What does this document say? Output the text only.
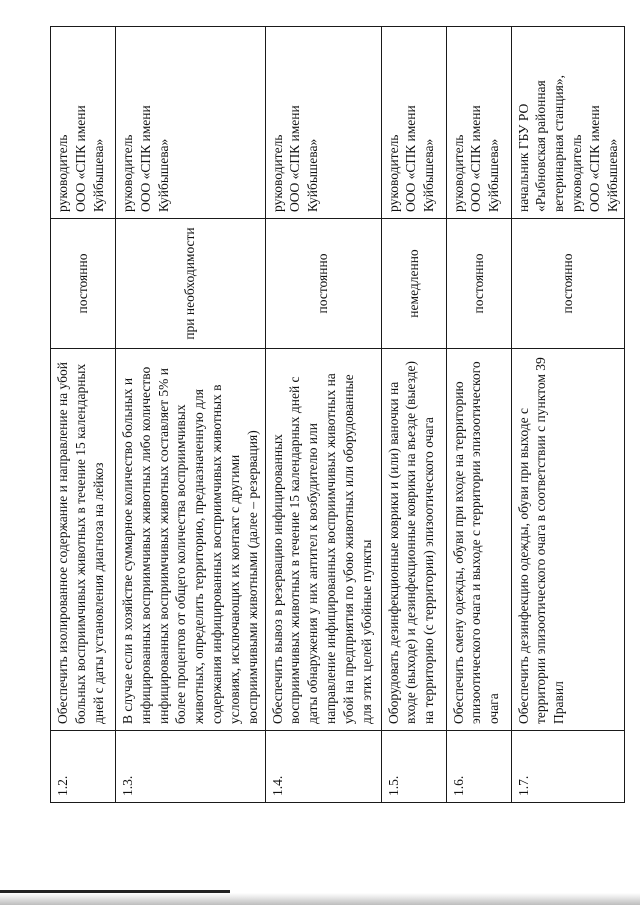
1.2.	Обеспечить изолированное содержание и направление на убой больных восприимчивых животных в течение 15 календарных дней с даты установления диагноза на лейкоз	постоянно	руководитель ООО «СПК имени Куйбышева»

1.3.	В случае если в хозяйстве суммарное количество больных и инфицированных восприимчивых животных либо количество инфицированных восприимчивых животных составляет 5% и более процентов от общего количества восприимчивых животных, определить территорию, предназначенную для содержания инфицированных восприимчивых животных в условиях, исключающих их контакт с другими восприимчивыми животными (далее – резервация)	при необходимости	руководитель ООО «СПК имени Куйбышева»

1.4.	Обеспечить вывоз в резервацию инфицированных восприимчивых животных в течение 15 календарных дней с даты обнаружения у них антител к возбудителю или направление инфицированных восприимчивых животных на убой на предприятия по убою животных или оборудованные для этих целей убойные пункты	постоянно	руководитель ООО «СПК имени Куйбышева»

1.5.	Оборудовать дезинфекционные коврики и (или) ваночки на входе (выходе) и дезинфекционные коврики на въезде (выезде) на территорию (с территории) эпизоотического очага	немедленно	руководитель ООО «СПК имени Куйбышева»

1.6.	Обеспечить смену одежды, обуви при входе на территорию эпизоотического очага и выходе с территории эпизоотического очага	постоянно	руководитель ООО «СПК имени Куйбышева»

1.7.	Обеспечить дезинфекцию одежды, обуви при выходе с территории эпизоотического очага в соответствии с пунктом 39 Правил	постоянно	начальник ГБУ РО «Рыбновская районная ветеринарная станция», руководитель ООО «СПК имени Куйбышева»
